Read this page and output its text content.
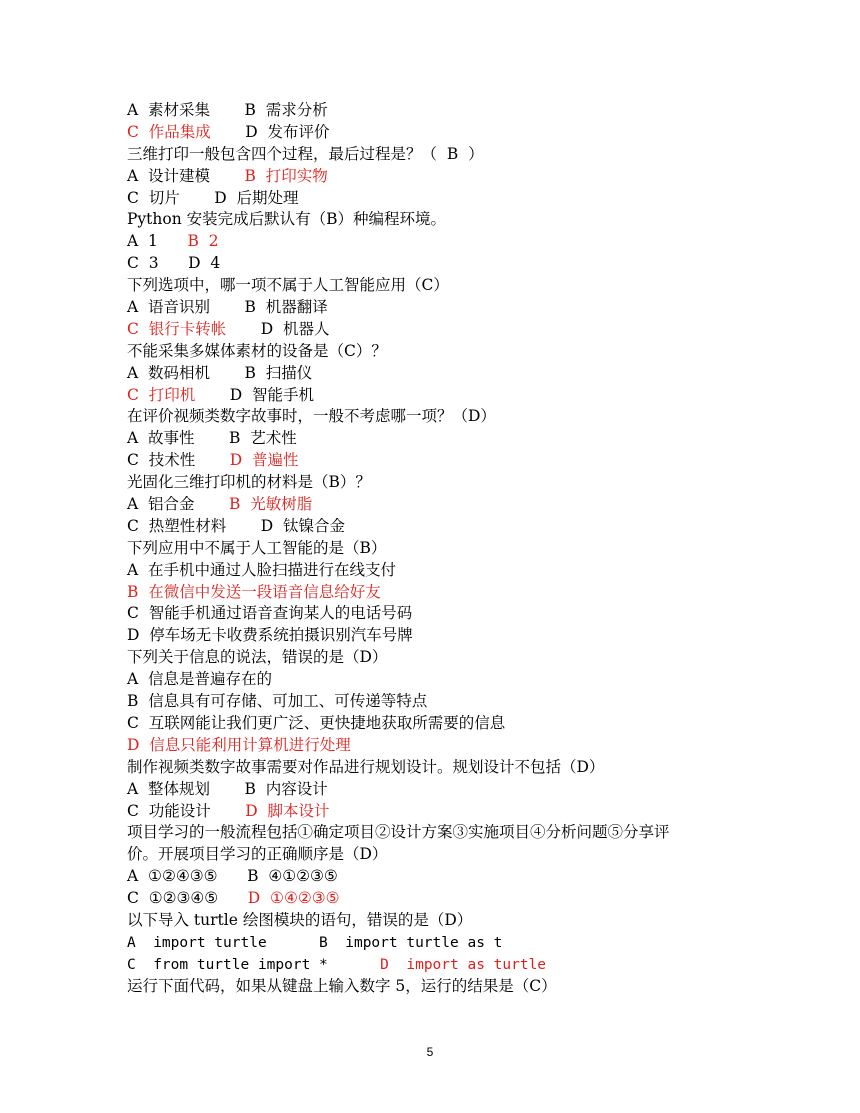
A  素材采集       B  需求分析
C  作品集成       D  发布评价
三维打印一般包含四个过程，最后过程是？（  B  ）
A  设计建模       B  打印实物
C  切片       D  后期处理
Python 安装完成后默认有（B）种编程环境。
A  1      B  2
C  3      D  4
下列选项中，哪一项不属于人工智能应用（C）
A  语音识别       B  机器翻译
C  银行卡转帐       D  机器人
不能采集多媒体素材的设备是（C）？
A  数码相机       B  扫描仪
C  打印机       D  智能手机
在评价视频类数字故事时，一般不考虑哪一项？（D）
A  故事性       B  艺术性
C  技术性       D  普遍性
光固化三维打印机的材料是（B）？
A  铝合金       B  光敏树脂
C  热塑性材料       D  钛镍合金
下列应用中不属于人工智能的是（B）
A  在手机中通过人脸扫描进行在线支付
B  在微信中发送一段语音信息给好友
C  智能手机通过语音查询某人的电话号码
D  停车场无卡收费系统拍摄识别汽车号牌
下列关于信息的说法，错误的是（D）
A  信息是普遍存在的
B  信息具有可存储、可加工、可传递等特点
C  互联网能让我们更广泛、更快捷地获取所需要的信息
D  信息只能利用计算机进行处理
制作视频类数字故事需要对作品进行规划设计。规划设计不包括（D）
A  整体规划       B  内容设计
C  功能设计       D  脚本设计
项目学习的一般流程包括①确定项目②设计方案③实施项目④分析问题⑤分享评
价。开展项目学习的正确顺序是（D）
A  ①②④③⑤      B  ④①②③⑤
C  ①②③④⑤      D  ①④②③⑤
以下导入 turtle 绘图模块的语句，错误的是（D）
A  import turtle      B  import turtle as t
C  from turtle import *      D  import as turtle
运行下面代码，如果从键盘上输入数字 5，运行的结果是（C）
5
